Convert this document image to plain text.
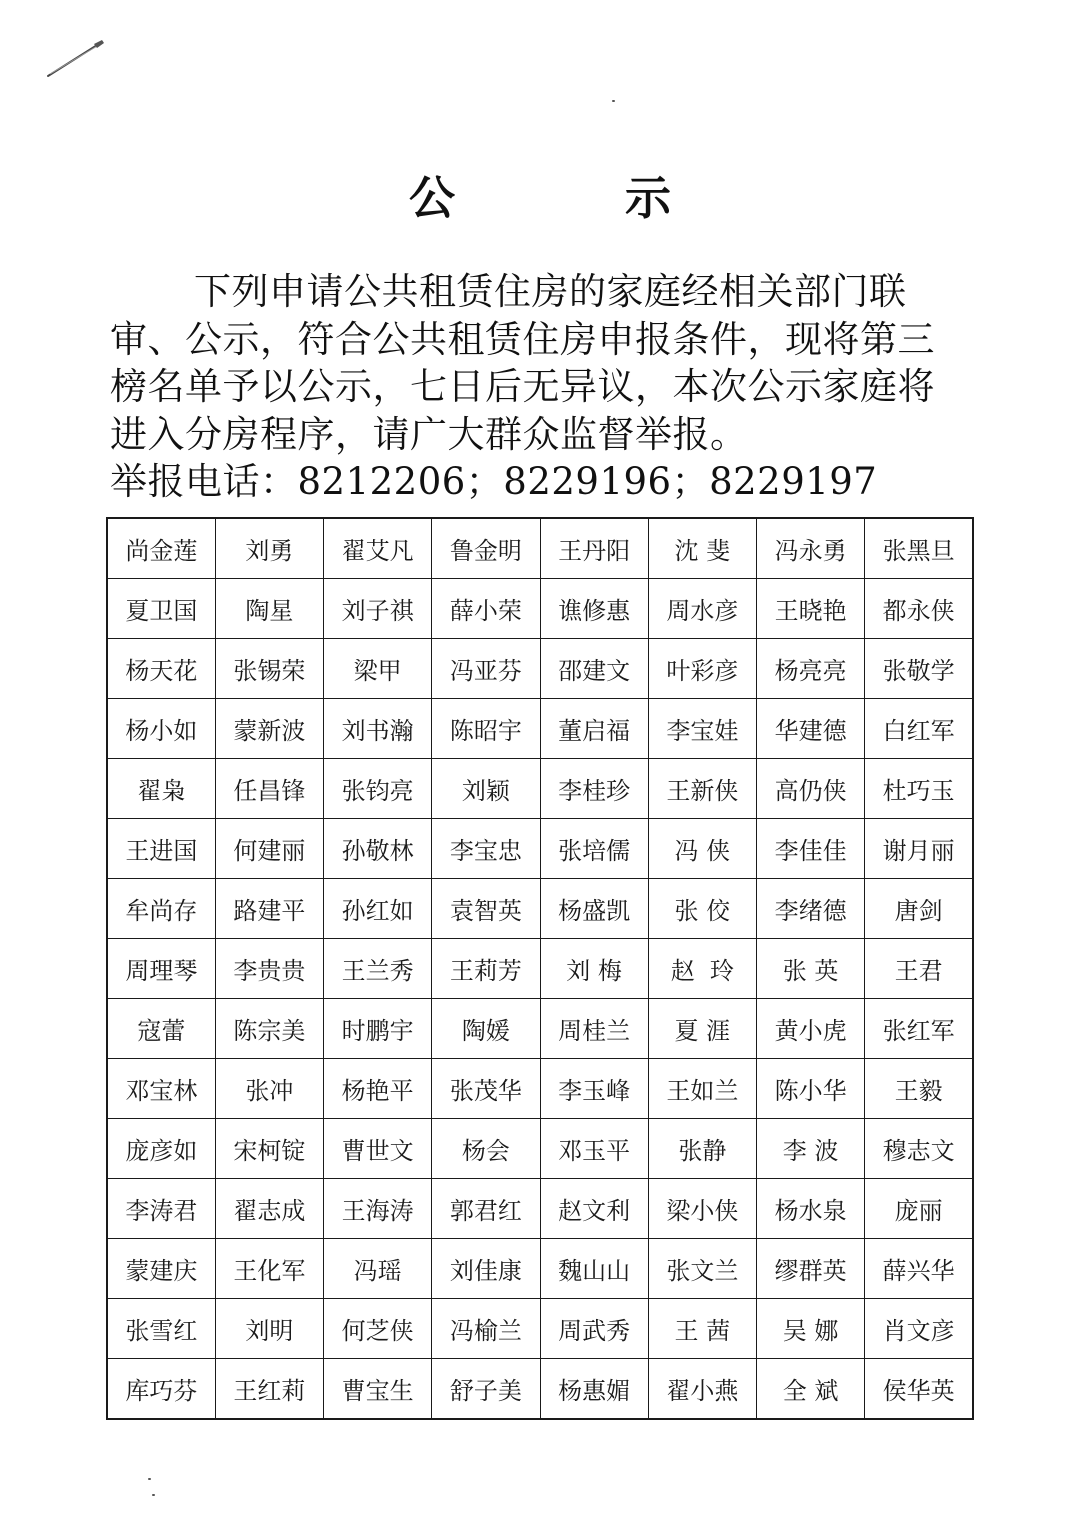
公	示

下列申请公共租赁住房的家庭经相关部门联审、公示，符合公共租赁住房申报条件，现将第三榜名单予以公示，七日后无异议，本次公示家庭将进入分房程序，请广大群众监督举报。

举报电话：8212206；8229196；8229197

尚金莲	刘勇	翟艾凡	鲁金明	王丹阳	沈 斐	冯永勇	张黑旦
夏卫国	陶星	刘子祺	薛小荣	谯修惠	周水彦	王晓艳	都永侠
杨天花	张锡荣	梁甲	冯亚芬	邵建文	叶彩彦	杨亮亮	张敬学
杨小如	蒙新波	刘书瀚	陈昭宇	董启福	李宝娃	华建德	白红军
翟枭	任昌锋	张钧亮	刘颖	李桂珍	王新侠	高仍侠	杜巧玉
王进国	何建丽	孙敬林	李宝忠	张培儒	冯 侠	李佳佳	谢月丽
牟尚存	路建平	孙红如	袁智英	杨盛凯	张 佼	李绪德	唐剑
周理琴	李贵贵	王兰秀	王莉芳	刘 梅	赵  玲	张 英	王君
寇蕾	陈宗美	时鹏宇	陶媛	周桂兰	夏 涯	黄小虎	张红军
邓宝林	张冲	杨艳平	张茂华	李玉峰	王如兰	陈小华	王毅
庞彦如	宋柯锭	曹世文	杨会	邓玉平	张静	李 波	穆志文
李涛君	翟志成	王海涛	郭君红	赵文利	梁小侠	杨水泉	庞丽
蒙建庆	王化军	冯瑶	刘佳康	魏山山	张文兰	缪群英	薛兴华
张雪红	刘明	何芝侠	冯榆兰	周武秀	王 茜	吴 娜	肖文彦
库巧芬	王红莉	曹宝生	舒子美	杨惠媚	翟小燕	全 斌	侯华英
